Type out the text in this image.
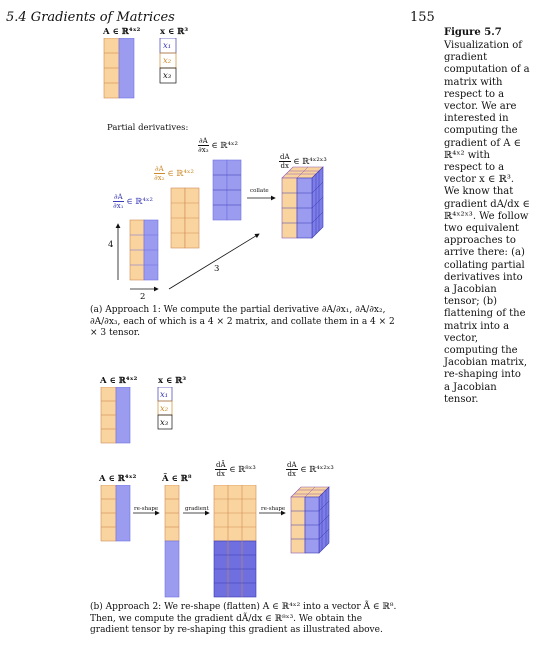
5.4 Gradients of Matrices	155
Figure 5.7
Visualization of gradient computation of a matrix with respect to a vector. We are interested in computing the gradient of A ∈ ℝ⁴ˣ² with respect to a vector x ∈ ℝ³. We know that gradient dA/dx ∈ ℝ⁴ˣ²ˣ³. We follow two equivalent approaches to arrive there: (a) collating partial derivatives into a Jacobian tensor; (b) flattening of the matrix into a vector, computing the Jacobian matrix, re-shaping into a Jacobian tensor.
A ∈ ℝ⁴ˣ² x ∈ ℝ³
x₁
x₂
x₃
Partial derivatives:
$\frac{\partial A}{\text{∂x₁}}$ ∈ ℝ⁴ˣ²
$\frac{\partial A}{\text{∂x₂}}$ ∈ ℝ⁴ˣ²
$\frac{\partial A}{\text{∂x₃}}$ ∈ ℝ⁴ˣ²
$\frac{dA}{dx}$ ∈ ℝ⁴ˣ²ˣ³
collate
4
2
3
(a) Approach 1: We compute the partial derivative ∂A/∂x₁, ∂A/∂x₂, ∂A/∂x₃, each of which is a 4 × 2 matrix, and collate them in a 4 × 2 × 3 tensor.
A ∈ ℝ⁴ˣ² x ∈ ℝ³
x₁
x₂
x₃
A ∈ ℝ⁴ˣ²	Ã ∈ ℝ⁸
$\frac{dÃ}{dx}$ ∈ ℝ⁸ˣ³	$\frac{dA}{dx}$ ∈ ℝ⁴ˣ²ˣ³
re-shape	gradient	re-shape
(b) Approach 2: We re-shape (flatten) A ∈ ℝ⁴ˣ² into a vector Ã ∈ ℝ⁸. Then, we compute the gradient dÃ/dx ∈ ℝ⁸ˣ³. We obtain the gradient tensor by re-shaping this gradient as illustrated above.
